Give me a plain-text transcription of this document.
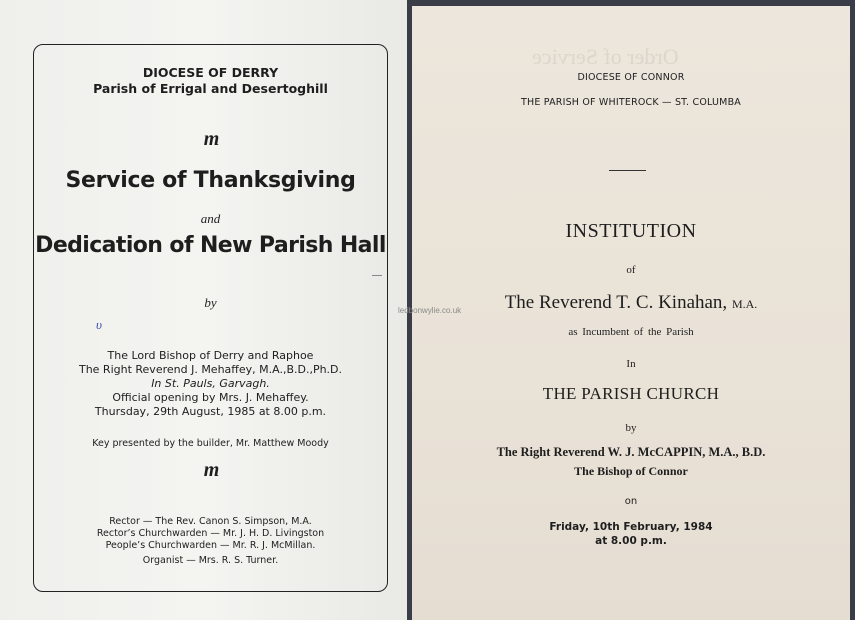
DIOCESE OF DERRY
Parish of Errigal and Desertoghill
m
Service of Thanksgiving
and
Dedication of New Parish Hall
by
The Lord Bishop of Derry and Raphoe
The Right Reverend J. Mehaffey, M.A.,B.D.,Ph.D.
In St. Pauls, Garvagh.
Official opening by Mrs. J. Mehaffey.
Thursday, 29th August, 1985 at 8.00 p.m.
Key presented by the builder, Mr. Matthew Moody
m
Rector — The Rev. Canon S. Simpson, M.A.
Rector’s Churchwarden — Mr. J. H. D. Livingston
People’s Churchwarden — Mr. R. J. McMillan.
Organist — Mrs. R. S. Turner.
υ
Order of Service
DIOCESE OF CONNOR
THE PARISH OF WHITEROCK — ST. COLUMBA
INSTITUTION
of
The Reverend T. C. Kinahan, M.A.
as Incumbent of the Parish
In
THE PARISH CHURCH
by
The Right Reverend W. J. McCAPPIN, M.A., B.D.
The Bishop of Connor
on
Friday, 10th February, 1984
at 8.00 p.m.
ledbonwylie.co.uk
